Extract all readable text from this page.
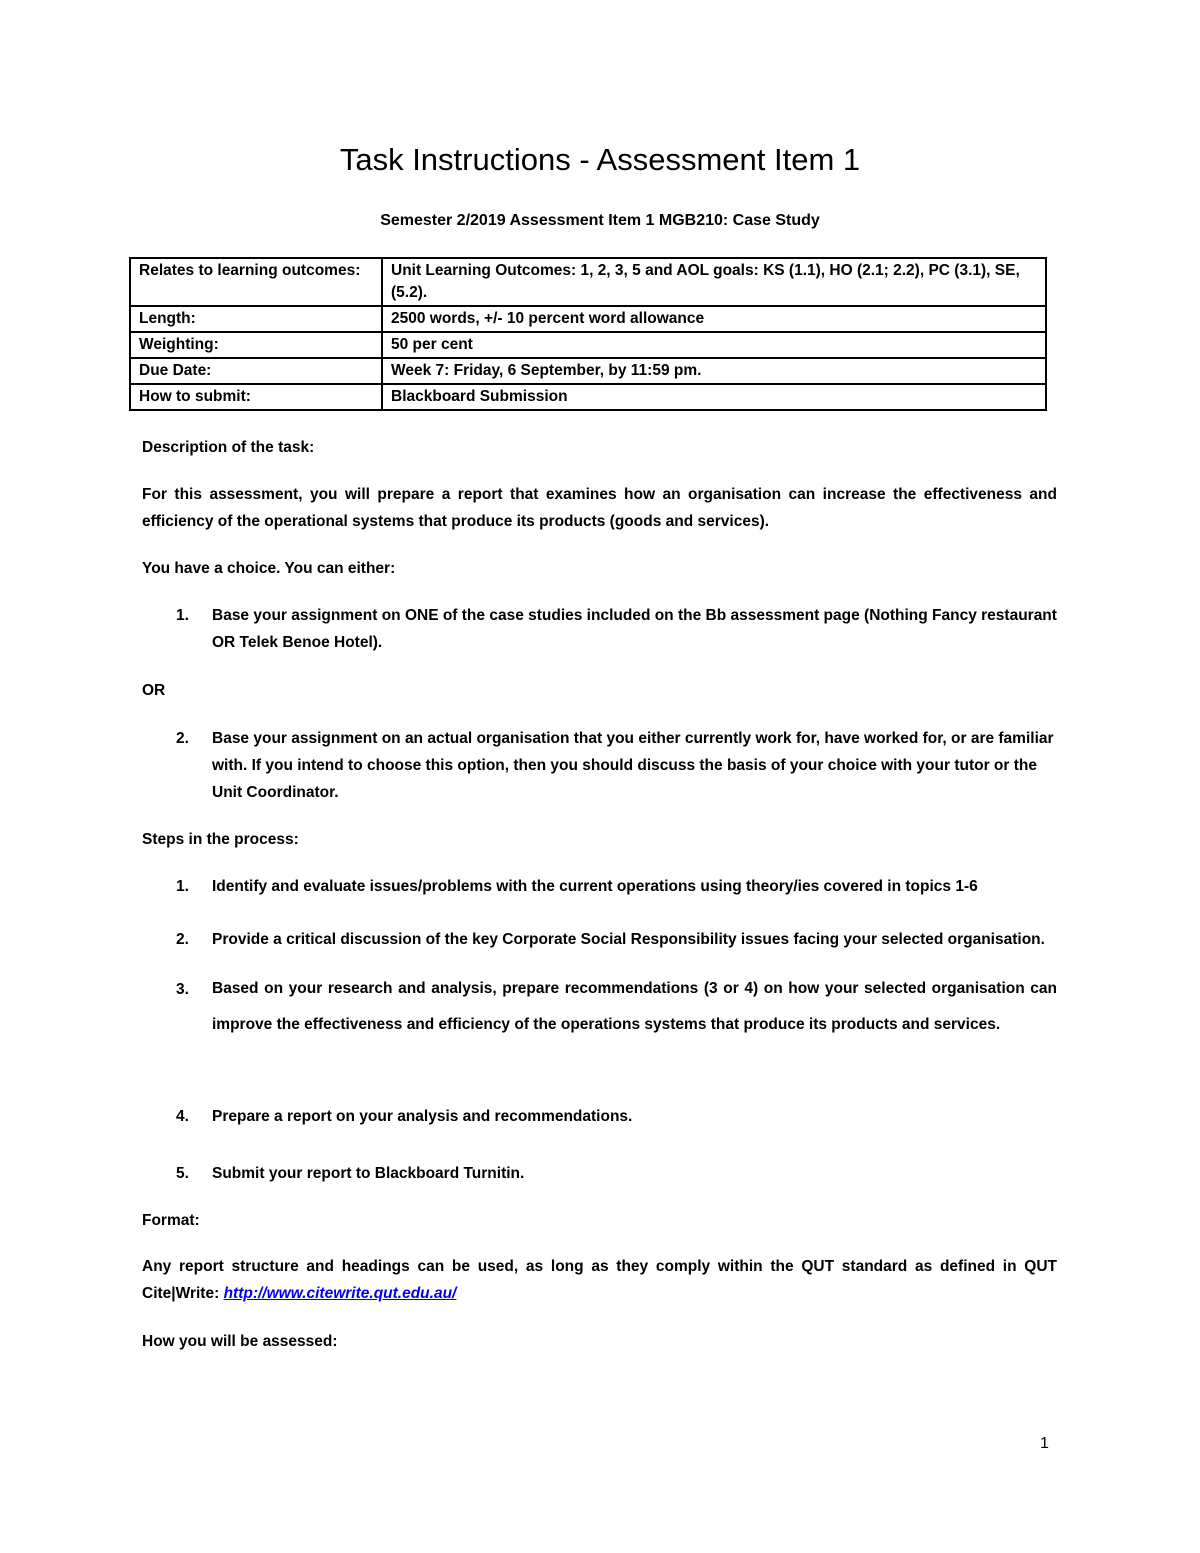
Task Instructions - Assessment Item 1
Semester 2/2019 Assessment Item 1 MGB210: Case Study
Relates to learning outcomes:	Unit Learning Outcomes: 1, 2, 3, 5 and AOL goals: KS (1.1), HO (2.1; 2.2), PC (3.1), SE, (5.2).
Length:	2500 words, +/- 10 percent word allowance
Weighting:	50 per cent
Due Date:	Week 7: Friday, 6 September, by 11:59 pm.
How to submit:	Blackboard Submission
Description of the task:
For this assessment, you will prepare a report that examines how an organisation can increase the effectiveness and efficiency of the operational systems that produce its products (goods and services).
You have a choice. You can either:
1.	Base your assignment on ONE of the case studies included on the Bb assessment page (Nothing Fancy restaurant OR Telek Benoe Hotel).
OR
2.	Base your assignment on an actual organisation that you either currently work for, have worked for, or are familiar with. If you intend to choose this option, then you should discuss the basis of your choice with your tutor or the Unit Coordinator.
Steps in the process:
1.	Identify and evaluate issues/problems with the current operations using theory/ies covered in topics 1-6
2.	Provide a critical discussion of the key Corporate Social Responsibility issues facing your selected organisation.
3.	Based on your research and analysis, prepare recommendations (3 or 4) on how your selected organisation can improve the effectiveness and efficiency of the operations systems that produce its products and services.
4.	Prepare a report on your analysis and recommendations.
5.	Submit your report to Blackboard Turnitin.
Format:
Any report structure and headings can be used, as long as they comply within the QUT standard as defined in QUT Cite|Write: http://www.citewrite.qut.edu.au/
How you will be assessed:
1
